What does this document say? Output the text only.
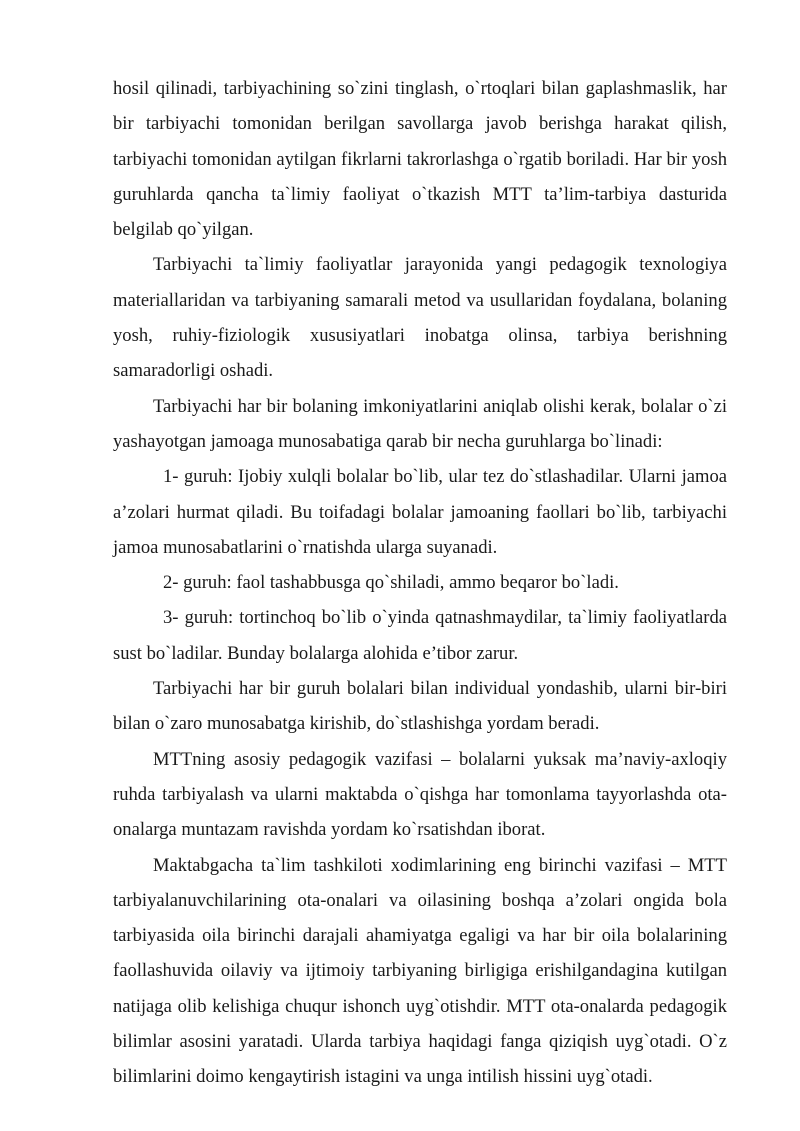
hosil qilinadi, tarbiyachining so`zini tinglash, o`rtoqlari bilan gaplashmaslik, har bir tarbiyachi tomonidan berilgan savollarga javob berishga harakat qilish, tarbiyachi tomonidan aytilgan fikrlarni takrorlashga o`rgatib boriladi. Har bir yosh guruhlarda qancha ta`limiy faoliyat o`tkazish MTT ta’lim-tarbiya dasturida belgilab qo`yilgan.

Tarbiyachi ta`limiy faoliyatlar jarayonida yangi pedagogik texnologiya materiallaridan va tarbiyaning samarali metod va usullaridan foydalana, bolaning yosh, ruhiy-fiziologik xususiyatlari inobatga olinsa, tarbiya berishning samaradorligi oshadi.

Tarbiyachi har bir bolaning imkoniyatlarini aniqlab olishi kerak, bolalar o`zi yashayotgan jamoaga munosabatiga qarab bir necha guruhlarga bo`linadi:

1- guruh: Ijobiy xulqli bolalar bo`lib, ular tez do`stlashadilar. Ularni jamoa a’zolari hurmat qiladi. Bu toifadagi bolalar jamoaning faollari bo`lib, tarbiyachi jamoa munosabatlarini o`rnatishda ularga suyanadi.

2- guruh: faol tashabbusga qo`shiladi, ammo beqaror bo`ladi.

3- guruh: tortinchoq bo`lib o`yinda qatnashmaydilar, ta`limiy faoliyatlarda sust bo`ladilar. Bunday bolalarga alohida e’tibor zarur.

Tarbiyachi har bir guruh bolalari bilan individual yondashib, ularni bir-biri bilan o`zaro munosabatga kirishib, do`stlashishga yordam beradi.

MTTning asosiy pedagogik vazifasi – bolalarni yuksak ma’naviy-axloqiy ruhda tarbiyalash va ularni maktabda o`qishga har tomonlama tayyorlashda ota-onalarga muntazam ravishda yordam ko`rsatishdan iborat.

Maktabgacha ta`lim tashkiloti xodimlarining eng birinchi vazifasi – MTT tarbiyalanuvchilarining ota-onalari va oilasining boshqa a’zolari ongida bola tarbiyasida oila birinchi darajali ahamiyatga egaligi va har bir oila bolalarining faollashuvida oilaviy va ijtimoiy tarbiyaning birligiga erishilgandagina kutilgan natijaga olib kelishiga chuqur ishonch uyg`otishdir. MTT ota-onalarda pedagogik bilimlar asosini yaratadi. Ularda tarbiya haqidagi fanga qiziqish uyg`otadi. O`z bilimlarini doimo kengaytirish istagini va unga intilish hissini uyg`otadi.
